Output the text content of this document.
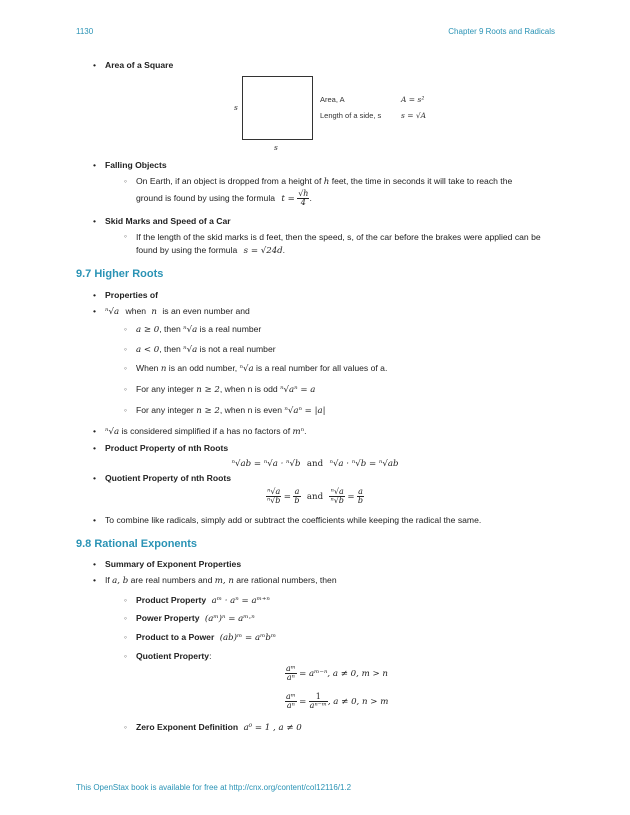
1130	Chapter 9 Roots and Radicals
• Area of a Square
s
s
Area, A	A = s²
Length of a side, s	s = √A
• Falling Objects
◦ On Earth, if an object is dropped from a height of h feet, the time in seconds it will take to reach the
ground is found by using the formula $t = \frac{√h}{4}$ .
• Skid Marks and Speed of a Car
◦ If the length of the skid marks is d feet, then the speed, s, of the car before the brakes were applied can be
found by using the formula s = √24d.
9.7 Higher Roots
• Properties of
• ⁿ√a when n is an even number and
◦ a ≥ 0, then ⁿ√a is a real number
◦ a < 0, then ⁿ√a is not a real number
◦ When n is an odd number, ⁿ√a is a real number for all values of a.
◦ For any integer n ≥ 2, when n is odd ⁿ√aⁿ = a
◦ For any integer n ≥ 2, when n is even ⁿ√aⁿ = |a|
• ⁿ√a is considered simplified if a has no factors of mⁿ.
• Product Property of nth Roots
ⁿ√ab = ⁿ√a · ⁿ√b and ⁿ√a · ⁿ√b = ⁿ√ab
• Quotient Property of nth Roots
$\frac{\text{ⁿ√a}}{\text{ⁿ√b}} = \frac{a}{b}$ and $\frac{\text{ⁿ√a}}{\text{ⁿ√b}} = \frac{a}{b}$
• To combine like radicals, simply add or subtract the coefficients while keeping the radical the same.
9.8 Rational Exponents
• Summary of Exponent Properties
• If a, b are real numbers and m, n are rational numbers, then
◦ Product Property aᵐ · aⁿ = aᵐ⁺ⁿ
◦ Power Property (aᵐ)ⁿ = aᵐ·ⁿ
◦ Product to a Power (ab)ᵐ = aᵐbᵐ
◦ Quotient Property:
$\frac{\text{aᵐ}}{\text{aⁿ}}$ = aᵐ⁻ⁿ, a ≠ 0, m > n
$\frac{\text{aᵐ}}{\text{aⁿ}} = \frac{1}{\text{aⁿ⁻ᵐ}}$ , a ≠ 0, n > m
◦ Zero Exponent Definition a⁰ = 1 , a ≠ 0
This OpenStax book is available for free at http://cnx.org/content/col12116/1.2
